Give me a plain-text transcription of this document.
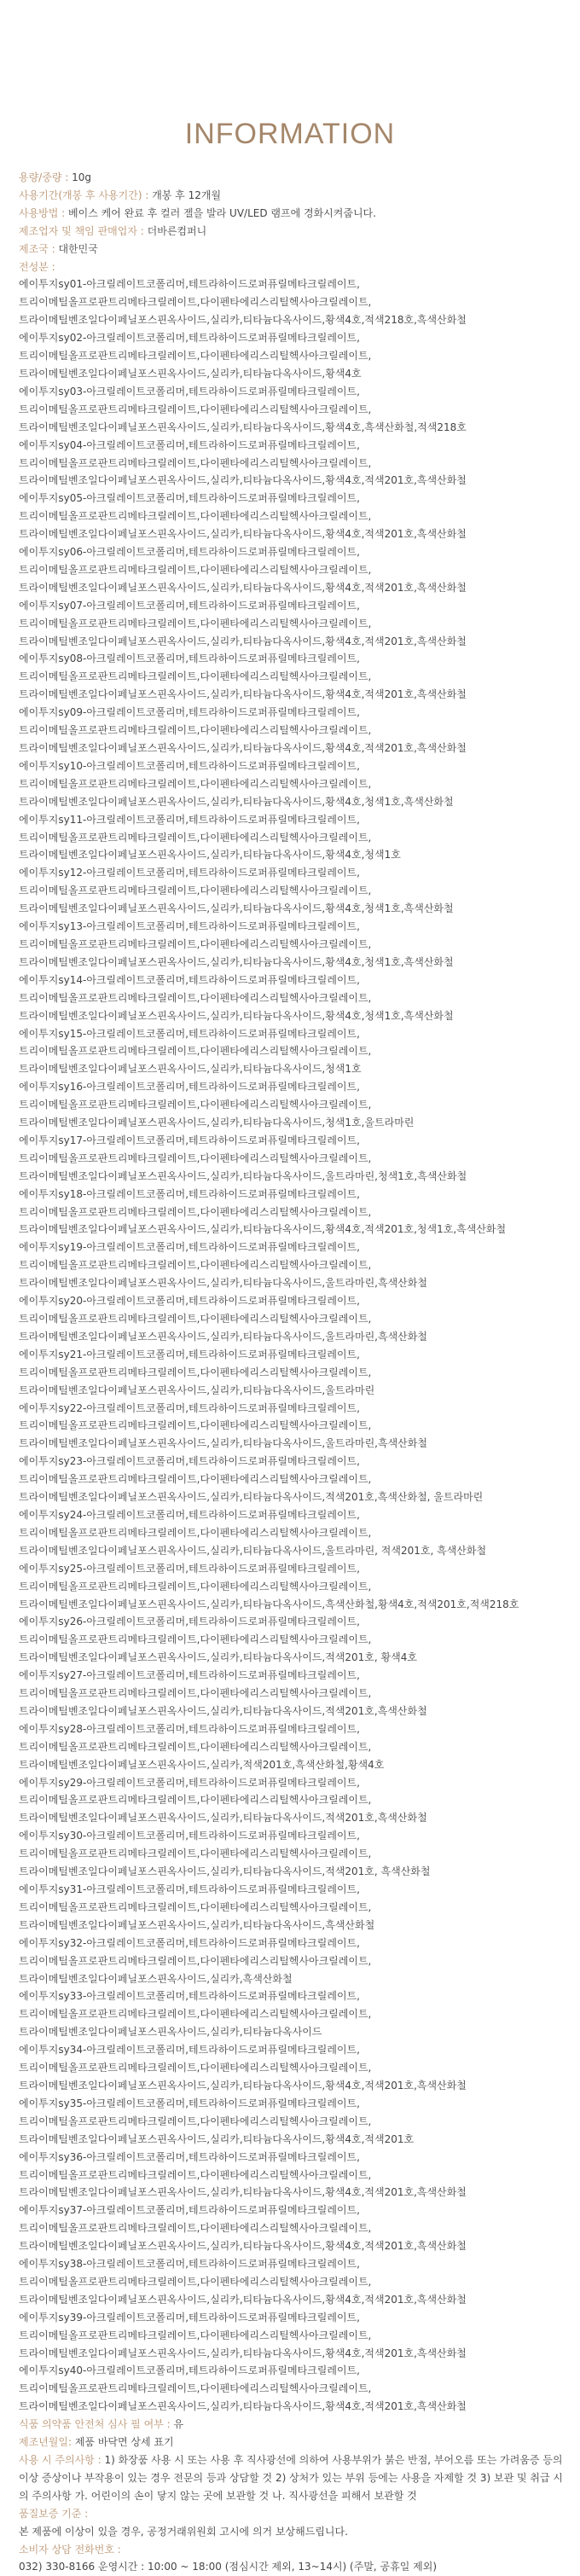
INFORMATION
용량/중량 : 10g
사용기간(개봉 후 사용기간) : 개봉 후 12개월
사용방법 : 베이스 케어 완료 후 컬러 젤을 발라 UV/LED 램프에 경화시켜줍니다.
제조업자 및 책임 판매업자 : 더바른컴퍼니
제조국 : 대한민국
전성분 :
에이투지sy01-아크릴레이트코폴리머,테트라하이드로퍼퓨릴메타크릴레이트,
트리이메틸올프로판트리메타크릴레이트,다이펜타에리스리틸헥사아크릴레이트,
트라이메틸벤조일다이페닐포스핀옥사이드,실리카,티타늄다옥사이드,황색4호,적색218호,흑색산화철
에이투지sy02-아크릴레이트코폴리머,테트라하이드로퍼퓨릴메타크릴레이트,
트리이메틸올프로판트리메타크릴레이트,다이펜타에리스리틸헥사아크릴레이트,
트라이메틸벤조일다이페닐포스핀옥사이드,실리카,티타늄다옥사이드,황색4호
에이투지sy03-아크릴레이트코폴리머,테트라하이드로퍼퓨릴메타크릴레이트,
트리이메틸올프로판트리메타크릴레이트,다이펜타에리스리틸헥사아크릴레이트,
트라이메틸벤조일다이페닐포스핀옥사이드,실리카,티타늄다옥사이드,황색4호,흑색산화철,적색218호
에이투지sy04-아크릴레이트코폴리머,테트라하이드로퍼퓨릴메타크릴레이트,
트리이메틸올프로판트리메타크릴레이트,다이펜타에리스리틸헥사아크릴레이트,
트라이메틸벤조일다이페닐포스핀옥사이드,실리카,티타늄다옥사이드,황색4호,적색201호,흑색산화철
에이투지sy05-아크릴레이트코폴리머,테트라하이드로퍼퓨릴메타크릴레이트,
트리이메틸올프로판트리메타크릴레이트,다이펜타에리스리틸헥사아크릴레이트,
트라이메틸벤조일다이페닐포스핀옥사이드,실리카,티타늄다옥사이드,황색4호,적색201호,흑색산화철
에이투지sy06-아크릴레이트코폴리머,테트라하이드로퍼퓨릴메타크릴레이트,
트리이메틸올프로판트리메타크릴레이트,다이펜타에리스리틸헥사아크릴레이트,
트라이메틸벤조일다이페닐포스핀옥사이드,실리카,티타늄다옥사이드,황색4호,적색201호,흑색산화철
에이투지sy07-아크릴레이트코폴리머,테트라하이드로퍼퓨릴메타크릴레이트,
트리이메틸올프로판트리메타크릴레이트,다이펜타에리스리틸헥사아크릴레이트,
트라이메틸벤조일다이페닐포스핀옥사이드,실리카,티타늄다옥사이드,황색4호,적색201호,흑색산화철
에이투지sy08-아크릴레이트코폴리머,테트라하이드로퍼퓨릴메타크릴레이트,
트리이메틸올프로판트리메타크릴레이트,다이펜타에리스리틸헥사아크릴레이트,
트라이메틸벤조일다이페닐포스핀옥사이드,실리카,티타늄다옥사이드,황색4호,적색201호,흑색산화철
에이투지sy09-아크릴레이트코폴리머,테트라하이드로퍼퓨릴메타크릴레이트,
트리이메틸올프로판트리메타크릴레이트,다이펜타에리스리틸헥사아크릴레이트,
트라이메틸벤조일다이페닐포스핀옥사이드,실리카,티타늄다옥사이드,황색4호,적색201호,흑색산화철
에이투지sy10-아크릴레이트코폴리머,테트라하이드로퍼퓨릴메타크릴레이트,
트리이메틸올프로판트리메타크릴레이트,다이펜타에리스리틸헥사아크릴레이트,
트라이메틸벤조일다이페닐포스핀옥사이드,실리카,티타늄다옥사이드,황색4호,청색1호,흑색산화철
에이투지sy11-아크릴레이트코폴리머,테트라하이드로퍼퓨릴메타크릴레이트,
트리이메틸올프로판트리메타크릴레이트,다이펜타에리스리틸헥사아크릴레이트,
트라이메틸벤조일다이페닐포스핀옥사이드,실리카,티타늄다옥사이드,황색4호,청색1호
에이투지sy12-아크릴레이트코폴리머,테트라하이드로퍼퓨릴메타크릴레이트,
트리이메틸올프로판트리메타크릴레이트,다이펜타에리스리틸헥사아크릴레이트,
트라이메틸벤조일다이페닐포스핀옥사이드,실리카,티타늄다옥사이드,황색4호,청색1호,흑색산화철
에이투지sy13-아크릴레이트코폴리머,테트라하이드로퍼퓨릴메타크릴레이트,
트리이메틸올프로판트리메타크릴레이트,다이펜타에리스리틸헥사아크릴레이트,
트라이메틸벤조일다이페닐포스핀옥사이드,실리카,티타늄다옥사이드,황색4호,청색1호,흑색산화철
에이투지sy14-아크릴레이트코폴리머,테트라하이드로퍼퓨릴메타크릴레이트,
트리이메틸올프로판트리메타크릴레이트,다이펜타에리스리틸헥사아크릴레이트,
트라이메틸벤조일다이페닐포스핀옥사이드,실리카,티타늄다옥사이드,황색4호,청색1호,흑색산화철
에이투지sy15-아크릴레이트코폴리머,테트라하이드로퍼퓨릴메타크릴레이트,
트리이메틸올프로판트리메타크릴레이트,다이펜타에리스리틸헥사아크릴레이트,
트라이메틸벤조일다이페닐포스핀옥사이드,실리카,티타늄다옥사이드,청색1호
에이투지sy16-아크릴레이트코폴리머,테트라하이드로퍼퓨릴메타크릴레이트,
트리이메틸올프로판트리메타크릴레이트,다이펜타에리스리틸헥사아크릴레이트,
트라이메틸벤조일다이페닐포스핀옥사이드,실리카,티타늄다옥사이드,청색1호,울트라마린
에이투지sy17-아크릴레이트코폴리머,테트라하이드로퍼퓨릴메타크릴레이트,
트리이메틸올프로판트리메타크릴레이트,다이펜타에리스리틸헥사아크릴레이트,
트라이메틸벤조일다이페닐포스핀옥사이드,실리카,티타늄다옥사이드,울트라마린,청색1호,흑색산화철
에이투지sy18-아크릴레이트코폴리머,테트라하이드로퍼퓨릴메타크릴레이트,
트리이메틸올프로판트리메타크릴레이트,다이펜타에리스리틸헥사아크릴레이트,
트라이메틸벤조일다이페닐포스핀옥사이드,실리카,티타늄다옥사이드,황색4호,적색201호,청색1호,흑색산화철
에이투지sy19-아크릴레이트코폴리머,테트라하이드로퍼퓨릴메타크릴레이트,
트리이메틸올프로판트리메타크릴레이트,다이펜타에리스리틸헥사아크릴레이트,
트라이메틸벤조일다이페닐포스핀옥사이드,실리카,티타늄다옥사이드,울트라마린,흑색산화철
에이투지sy20-아크릴레이트코폴리머,테트라하이드로퍼퓨릴메타크릴레이트,
트리이메틸올프로판트리메타크릴레이트,다이펜타에리스리틸헥사아크릴레이트,
트라이메틸벤조일다이페닐포스핀옥사이드,실리카,티타늄다옥사이드,울트라마린,흑색산화철
에이투지sy21-아크릴레이트코폴리머,테트라하이드로퍼퓨릴메타크릴레이트,
트리이메틸올프로판트리메타크릴레이트,다이펜타에리스리틸헥사아크릴레이트,
트라이메틸벤조일다이페닐포스핀옥사이드,실리카,티타늄다옥사이드,울트라마린
에이투지sy22-아크릴레이트코폴리머,테트라하이드로퍼퓨릴메타크릴레이트,
트리이메틸올프로판트리메타크릴레이트,다이펜타에리스리틸헥사아크릴레이트,
트라이메틸벤조일다이페닐포스핀옥사이드,실리카,티타늄다옥사이드,울트라마린,흑색산화철
에이투지sy23-아크릴레이트코폴리머,테트라하이드로퍼퓨릴메타크릴레이트,
트리이메틸올프로판트리메타크릴레이트,다이펜타에리스리틸헥사아크릴레이트,
트라이메틸벤조일다이페닐포스핀옥사이드,실리카,티타늄다옥사이드,적색201호,흑색산화철, 울트라마린
에이투지sy24-아크릴레이트코폴리머,테트라하이드로퍼퓨릴메타크릴레이트,
트리이메틸올프로판트리메타크릴레이트,다이펜타에리스리틸헥사아크릴레이트,
트라이메틸벤조일다이페닐포스핀옥사이드,실리카,티타늄다옥사이드,울트라마린, 적색201호, 흑색산화철
에이투지sy25-아크릴레이트코폴리머,테트라하이드로퍼퓨릴메타크릴레이트,
트리이메틸올프로판트리메타크릴레이트,다이펜타에리스리틸헥사아크릴레이트,
트라이메틸벤조일다이페닐포스핀옥사이드,실리카,티타늄다옥사이드,흑색산화철,황색4호,적색201호,적색218호
에이투지sy26-아크릴레이트코폴리머,테트라하이드로퍼퓨릴메타크릴레이트,
트리이메틸올프로판트리메타크릴레이트,다이펜타에리스리틸헥사아크릴레이트,
트라이메틸벤조일다이페닐포스핀옥사이드,실리카,티타늄다옥사이드,적색201호, 황색4호
에이투지sy27-아크릴레이트코폴리머,테트라하이드로퍼퓨릴메타크릴레이트,
트리이메틸올프로판트리메타크릴레이트,다이펜타에리스리틸헥사아크릴레이트,
트라이메틸벤조일다이페닐포스핀옥사이드,실리카,티타늄다옥사이드,적색201호,흑색산화철
에이투지sy28-아크릴레이트코폴리머,테트라하이드로퍼퓨릴메타크릴레이트,
트리이메틸올프로판트리메타크릴레이트,다이펜타에리스리틸헥사아크릴레이트,
트라이메틸벤조일다이페닐포스핀옥사이드,실리카,적색201호,흑색산화철,황색4호
에이투지sy29-아크릴레이트코폴리머,테트라하이드로퍼퓨릴메타크릴레이트,
트리이메틸올프로판트리메타크릴레이트,다이펜타에리스리틸헥사아크릴레이트,
트라이메틸벤조일다이페닐포스핀옥사이드,실리카,티타늄다옥사이드,적색201호,흑색산화철
에이투지sy30-아크릴레이트코폴리머,테트라하이드로퍼퓨릴메타크릴레이트,
트리이메틸올프로판트리메타크릴레이트,다이펜타에리스리틸헥사아크릴레이트,
트라이메틸벤조일다이페닐포스핀옥사이드,실리카,티타늄다옥사이드,적색201호, 흑색산화철
에이투지sy31-아크릴레이트코폴리머,테트라하이드로퍼퓨릴메타크릴레이트,
트리이메틸올프로판트리메타크릴레이트,다이펜타에리스리틸헥사아크릴레이트,
트라이메틸벤조일다이페닐포스핀옥사이드,실리카,티타늄다옥사이드,흑색산화철
에이투지sy32-아크릴레이트코폴리머,테트라하이드로퍼퓨릴메타크릴레이트,
트리이메틸올프로판트리메타크릴레이트,다이펜타에리스리틸헥사아크릴레이트,
트라이메틸벤조일다이페닐포스핀옥사이드,실리카,흑색산화철
에이투지sy33-아크릴레이트코폴리머,테트라하이드로퍼퓨릴메타크릴레이트,
트리이메틸올프로판트리메타크릴레이트,다이펜타에리스리틸헥사아크릴레이트,
트라이메틸벤조일다이페닐포스핀옥사이드,실리카,티타늄다옥사이드
에이투지sy34-아크릴레이트코폴리머,테트라하이드로퍼퓨릴메타크릴레이트,
트리이메틸올프로판트리메타크릴레이트,다이펜타에리스리틸헥사아크릴레이트,
트라이메틸벤조일다이페닐포스핀옥사이드,실리카,티타늄다옥사이드,황색4호,적색201호,흑색산화철
에이투지sy35-아크릴레이트코폴리머,테트라하이드로퍼퓨릴메타크릴레이트,
트리이메틸올프로판트리메타크릴레이트,다이펜타에리스리틸헥사아크릴레이트,
트라이메틸벤조일다이페닐포스핀옥사이드,실리카,티타늄다옥사이드,황색4호,적색201호
에이투지sy36-아크릴레이트코폴리머,테트라하이드로퍼퓨릴메타크릴레이트,
트리이메틸올프로판트리메타크릴레이트,다이펜타에리스리틸헥사아크릴레이트,
트라이메틸벤조일다이페닐포스핀옥사이드,실리카,티타늄다옥사이드,황색4호,적색201호,흑색산화철
에이투지sy37-아크릴레이트코폴리머,테트라하이드로퍼퓨릴메타크릴레이트,
트리이메틸올프로판트리메타크릴레이트,다이펜타에리스리틸헥사아크릴레이트,
트라이메틸벤조일다이페닐포스핀옥사이드,실리카,티타늄다옥사이드,황색4호,적색201호,흑색산화철
에이투지sy38-아크릴레이트코폴리머,테트라하이드로퍼퓨릴메타크릴레이트,
트리이메틸올프로판트리메타크릴레이트,다이펜타에리스리틸헥사아크릴레이트,
트라이메틸벤조일다이페닐포스핀옥사이드,실리카,티타늄다옥사이드,황색4호,적색201호,흑색산화철
에이투지sy39-아크릴레이트코폴리머,테트라하이드로퍼퓨릴메타크릴레이트,
트리이메틸올프로판트리메타크릴레이트,다이펜타에리스리틸헥사아크릴레이트,
트라이메틸벤조일다이페닐포스핀옥사이드,실리카,티타늄다옥사이드,황색4호,적색201호,흑색산화철
에이투지sy40-아크릴레이트코폴리머,테트라하이드로퍼퓨릴메타크릴레이트,
트리이메틸올프로판트리메타크릴레이트,다이펜타에리스리틸헥사아크릴레이트,
트라이메틸벤조일다이페닐포스핀옥사이드,실리카,티타늄다옥사이드,황색4호,적색201호,흑색산화철
식품 의약품 안전처 심사 필 여부 : 유
제조년월일: 제품 바닥면 상세 표기
사용 시 주의사항 : 1) 화장품 사용 시 또는 사용 후 직사광선에 의하여 사용부위가 붉은 반점, 부어오름 또는 가려움증 등의 이상 증상이나 부작용이 있는 경우 전문의 등과 상담할 것 2) 상처가 있는 부위 등에는 사용을 자제할 것 3) 보관 및 취급 시의 주의사항 가. 어린이의 손이 닿지 않는 곳에 보관할 것 나. 직사광선을 피해서 보관할 것
품질보증 기준 :
본 제품에 이상이 있을 경우, 공정거래위원회 고시에 의거 보상해드립니다.
소비자 상담 전화번호 :
032) 330-8166 운영시간 : 10:00 ~ 18:00 (점심시간 제외, 13~14시) (주말, 공휴일 제외)
